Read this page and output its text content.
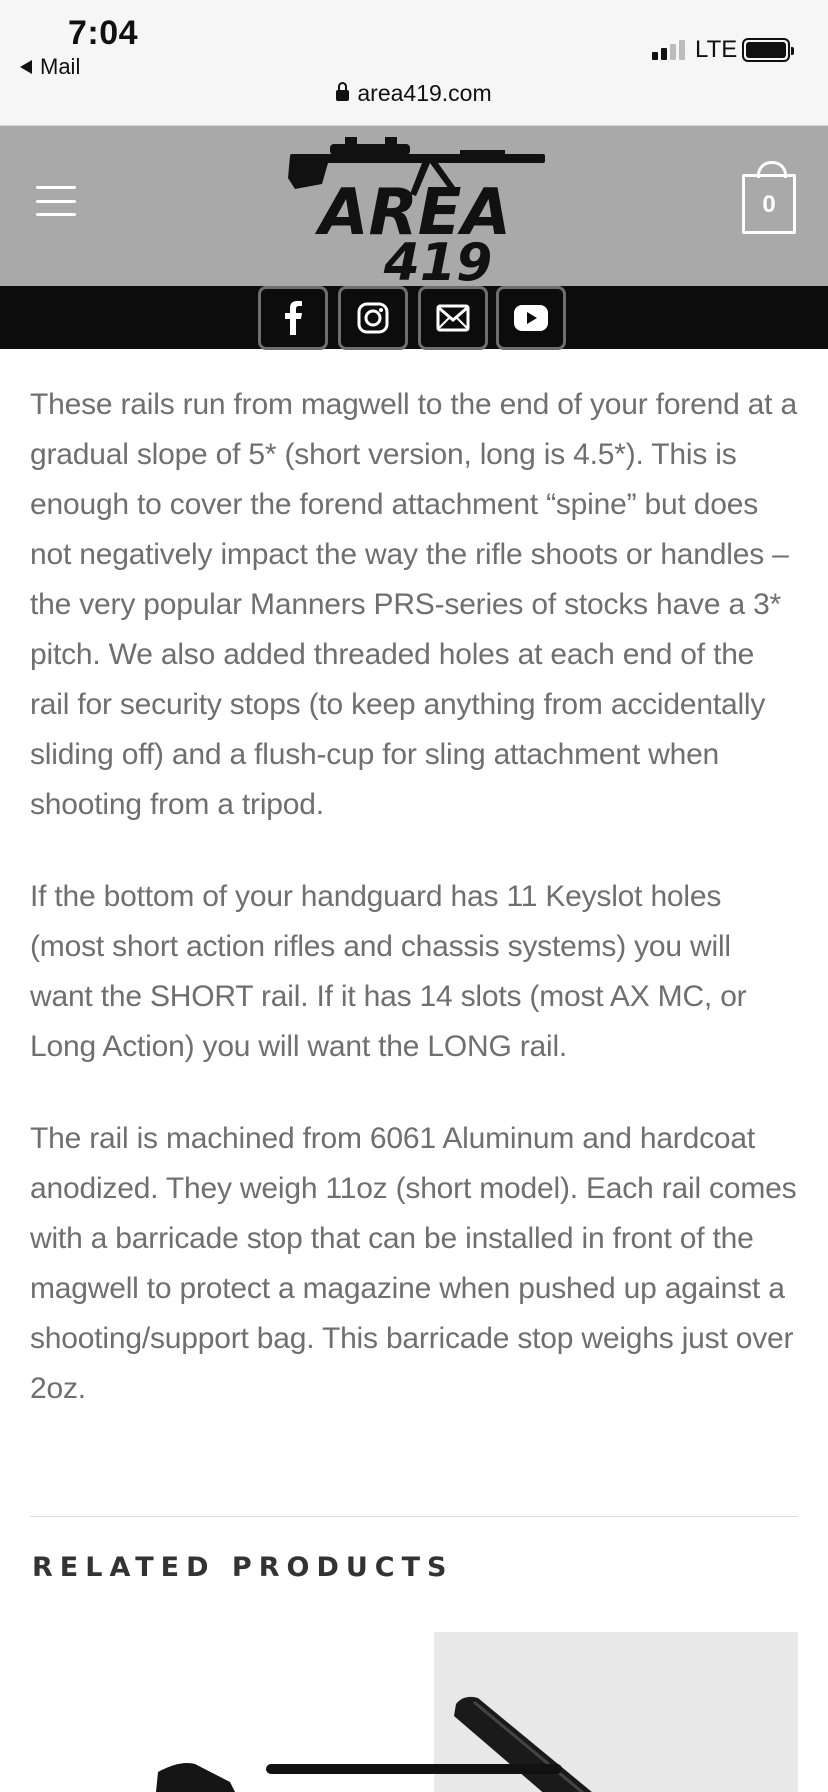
7:04
Mail
LTE
area419.com
AREA
419
0

These rails run from magwell to the end of your forend at a gradual slope of 5* (short version, long is 4.5*). This is enough to cover the forend attachment “spine” but does not negatively impact the way the rifle shoots or handles – the very popular Manners PRS-series of stocks have a 3* pitch. We also added threaded holes at each end of the rail for security stops (to keep anything from accidentally sliding off) and a flush-cup for sling attachment when shooting from a tripod.

If the bottom of your handguard has 11 Keyslot holes (most short action rifles and chassis systems) you will want the SHORT rail. If it has 14 slots (most AX MC, or Long Action) you will want the LONG rail.

The rail is machined from 6061 Aluminum and hardcoat anodized. They weigh 11oz (short model). Each rail comes with a barricade stop that can be installed in front of the magwell to protect a magazine when pushed up against a shooting/support bag. This barricade stop weighs just over 2oz.

RELATED PRODUCTS
